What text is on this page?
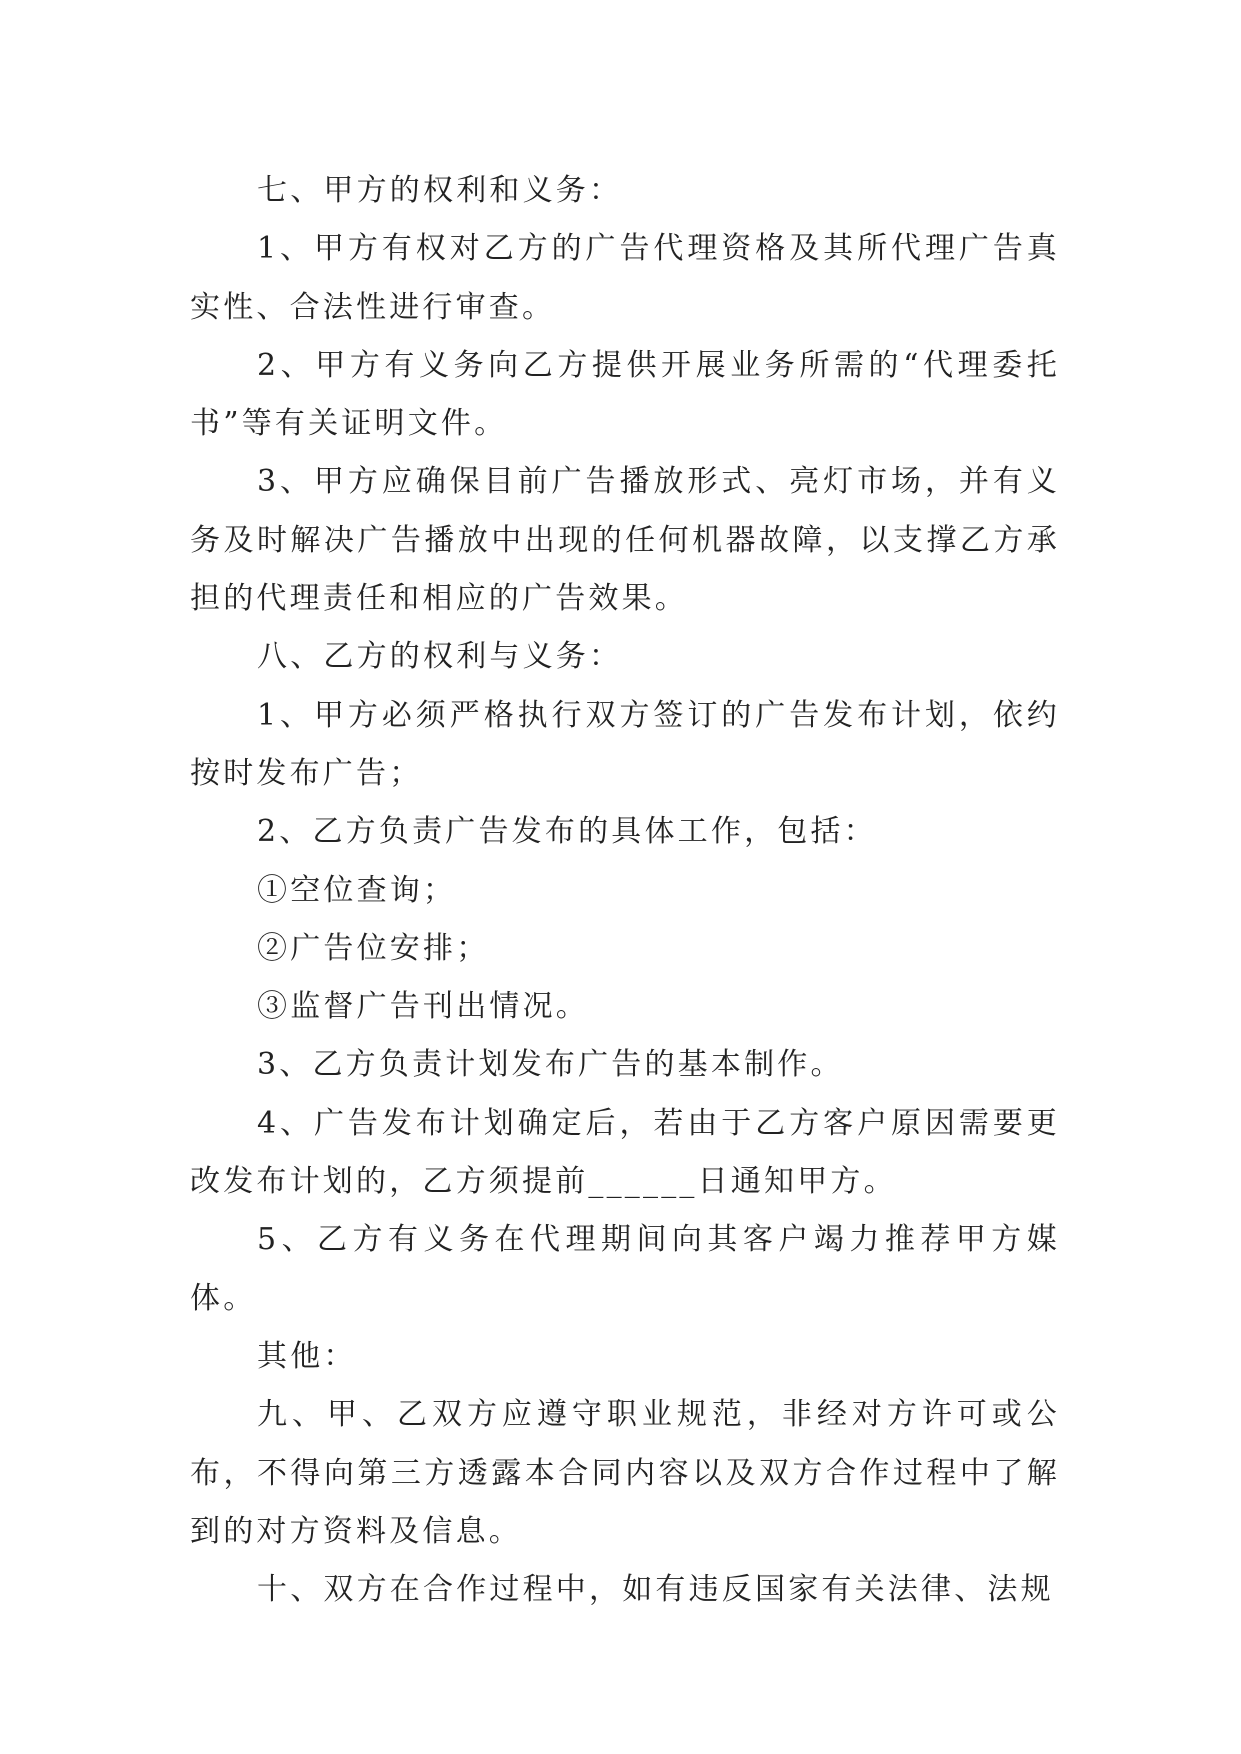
七、甲方的权利和义务：

1、甲方有权对乙方的广告代理资格及其所代理广告真实性、合法性进行审查。

2、甲方有义务向乙方提供开展业务所需的“代理委托书”等有关证明文件。

3、甲方应确保目前广告播放形式、亮灯市场，并有义务及时解决广告播放中出现的任何机器故障，以支撑乙方承担的代理责任和相应的广告效果。

八、乙方的权利与义务：

1、甲方必须严格执行双方签订的广告发布计划，依约按时发布广告；

2、乙方负责广告发布的具体工作，包括：

①空位查询；

②广告位安排；

③监督广告刊出情况。

3、乙方负责计划发布广告的基本制作。

4、广告发布计划确定后，若由于乙方客户原因需要更改发布计划的，乙方须提前______日通知甲方。

5、乙方有义务在代理期间向其客户竭力推荐甲方媒体。

其他：

九、甲、乙双方应遵守职业规范，非经对方许可或公布，不得向第三方透露本合同内容以及双方合作过程中了解到的对方资料及信息。

十、双方在合作过程中，如有违反国家有关法律、法规
